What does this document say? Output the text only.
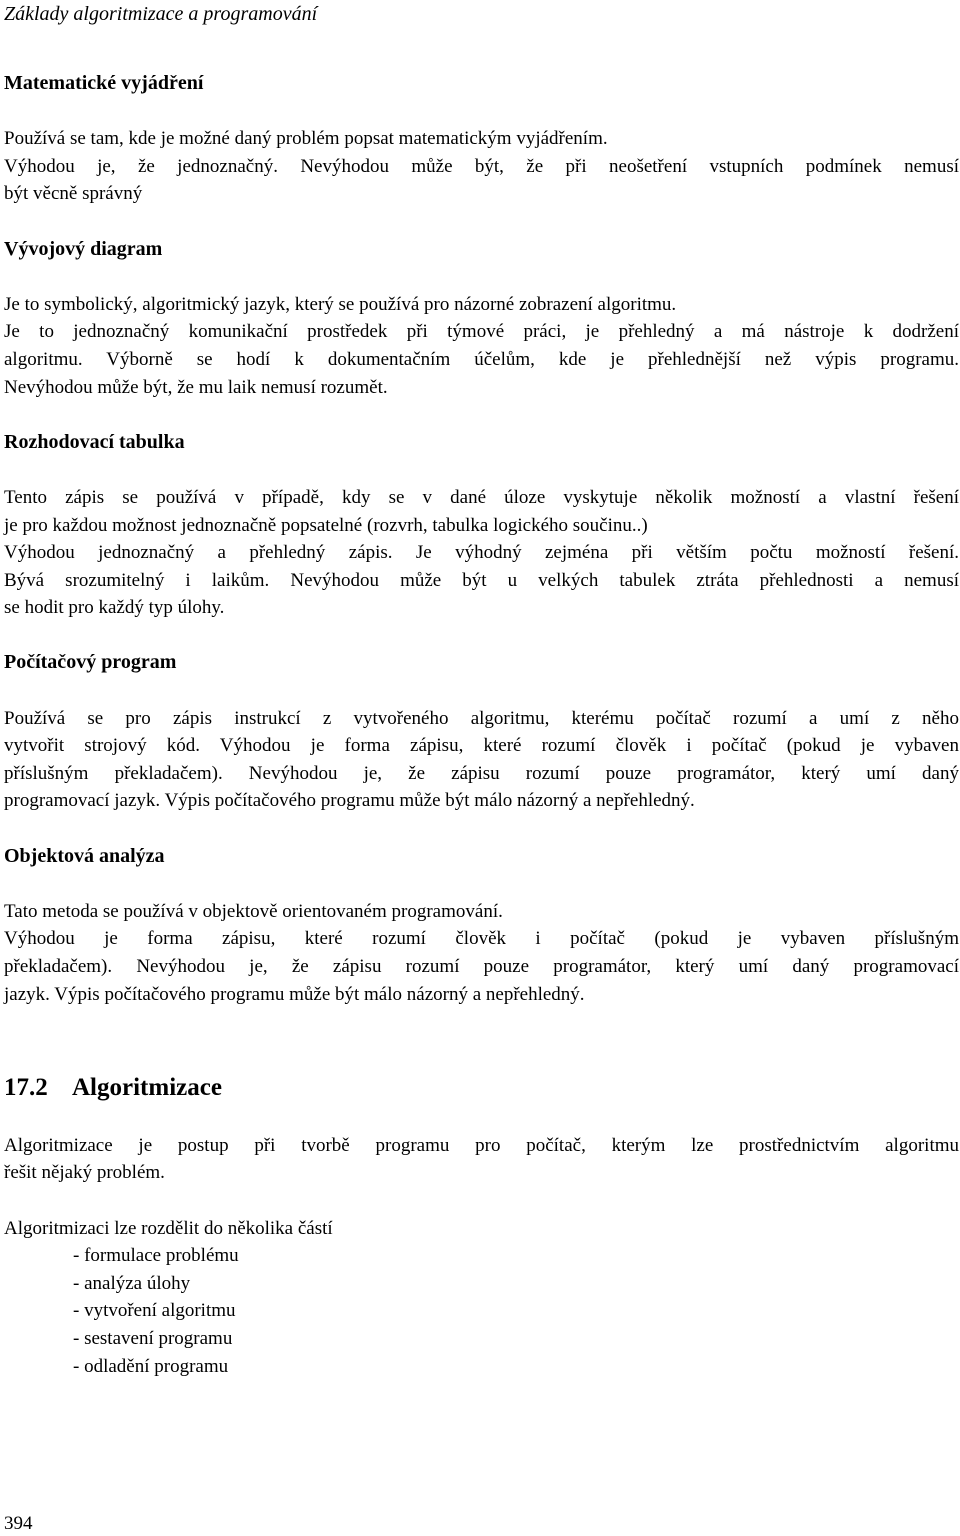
Základy algoritmizace a programování
Matematické vyjádření

Používá se tam, kde je možné daný problém popsat matematickým vyjádřením.
Výhodou je, že jednoznačný. Nevýhodou může být, že při neošetření vstupních podmínek nemusí
být věcně správný

Vývojový diagram

Je to symbolický, algoritmický jazyk, který se používá pro názorné zobrazení algoritmu.
Je to jednoznačný komunikační prostředek při týmové práci, je přehledný a má nástroje k dodržení
algoritmu. Výborně se hodí k dokumentačním účelům, kde je přehlednější než výpis programu.
Nevýhodou může být, že mu laik nemusí rozumět.

Rozhodovací tabulka

Tento zápis se používá v případě, kdy se v dané úloze vyskytuje několik možností a vlastní řešení
je pro každou možnost jednoznačně popsatelné (rozvrh, tabulka logického součinu..)
Výhodou jednoznačný a přehledný zápis. Je výhodný zejména při větším počtu možností řešení.
Bývá srozumitelný i laikům. Nevýhodou může být u velkých tabulek ztráta přehlednosti a nemusí
se hodit pro každý typ úlohy.

Počítačový program

Používá se pro zápis instrukcí z vytvořeného algoritmu, kterému počítač rozumí a umí z něho
vytvořit strojový kód. Výhodou je forma zápisu, které rozumí člověk i počítač (pokud je vybaven
příslušným překladačem). Nevýhodou je, že zápisu rozumí pouze programátor, který umí daný
programovací jazyk. Výpis počítačového programu může být málo názorný a nepřehledný.

Objektová analýza

Tato metoda se používá v objektově orientovaném programování.
Výhodou je forma zápisu, které rozumí člověk i počítač (pokud je vybaven příslušným
překladačem). Nevýhodou je, že zápisu rozumí pouze programátor, který umí daný programovací
jazyk. Výpis počítačového programu může být málo názorný a nepřehledný.

17.2 Algoritmizace

Algoritmizace je postup při tvorbě programu pro počítač, kterým lze prostřednictvím algoritmu
řešit nějaký problém.

Algoritmizaci lze rozdělit do několika částí
- formulace problému
- analýza úlohy
- vytvoření algoritmu
- sestavení programu
- odladění programu
394
